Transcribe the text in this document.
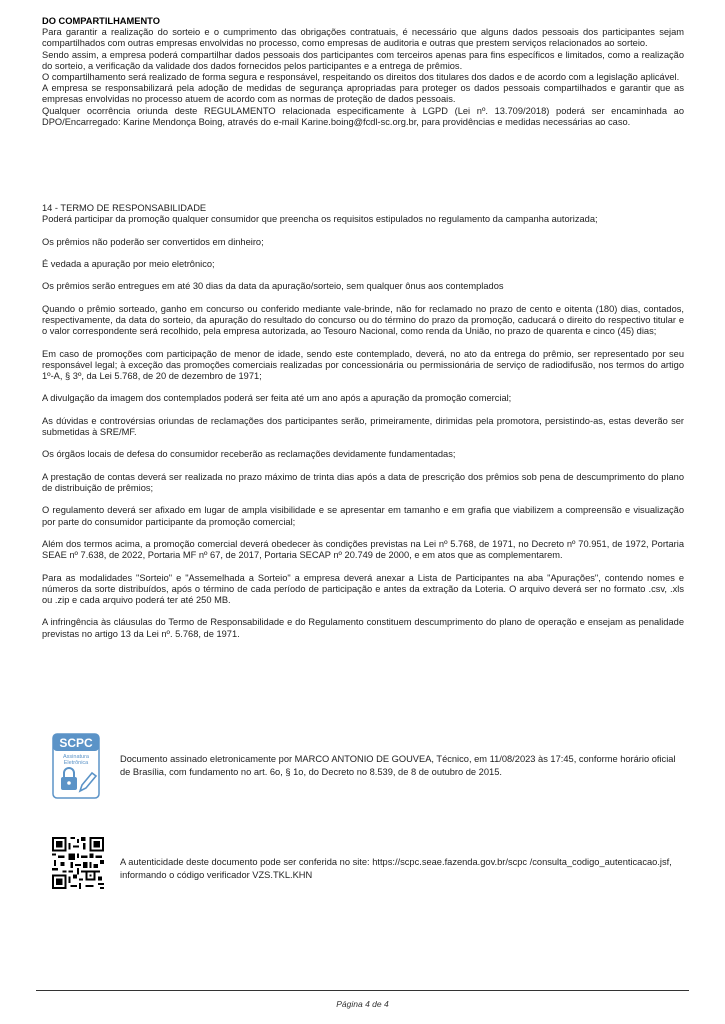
DO COMPARTILHAMENTO

Para garantir a realização do sorteio e o cumprimento das obrigações contratuais, é necessário que alguns dados pessoais dos participantes sejam compartilhados com outras empresas envolvidas no processo, como empresas de auditoria e outras que prestem serviços relacionados ao sorteio.

Sendo assim, a empresa poderá compartilhar dados pessoais dos participantes com terceiros apenas para fins específicos e limitados, como a realização do sorteio, a verificação da validade dos dados fornecidos pelos participantes e a entrega de prêmios.

O compartilhamento será realizado de forma segura e responsável, respeitando os direitos dos titulares dos dados e de acordo com a legislação aplicável.

A empresa se responsabilizará pela adoção de medidas de segurança apropriadas para proteger os dados pessoais compartilhados e garantir que as empresas envolvidas no processo atuem de acordo com as normas de proteção de dados pessoais.

Qualquer ocorrência oriunda deste REGULAMENTO relacionada especificamente à LGPD (Lei nº. 13.709/2018) poderá ser encaminhada ao DPO/Encarregado: Karine Mendonça Boing, através do e-mail Karine.boing@fcdl-sc.org.br, para providências e medidas necessárias ao caso.

14 - TERMO DE RESPONSABILIDADE

Poderá participar da promoção qualquer consumidor que preencha os requisitos estipulados no regulamento da campanha autorizada;

Os prêmios não poderão ser convertidos em dinheiro;

É vedada a apuração por meio eletrônico;

Os prêmios serão entregues em até 30 dias da data da apuração/sorteio, sem qualquer ônus aos contemplados

Quando o prêmio sorteado, ganho em concurso ou conferido mediante vale-brinde, não for reclamado no prazo de cento e oitenta (180) dias, contados, respectivamente, da data do sorteio, da apuração do resultado do concurso ou do término do prazo da promoção, caducará o direito do respectivo titular e o valor correspondente será recolhido, pela empresa autorizada, ao Tesouro Nacional, como renda da União, no prazo de quarenta e cinco (45) dias;

Em caso de promoções com participação de menor de idade, sendo este contemplado, deverá, no ato da entrega do prêmio, ser representado por seu responsável legal; à exceção das promoções comerciais realizadas por concessionária ou permissionária de serviço de radiodifusão, nos termos do artigo 1º-A, § 3º, da Lei 5.768, de 20 de dezembro de 1971;

A divulgação da imagem dos contemplados poderá ser feita até um ano após a apuração da promoção comercial;

As dúvidas e controvérsias oriundas de reclamações dos participantes serão, primeiramente, dirimidas pela promotora, persistindo-as, estas deverão ser submetidas à SRE/MF.

Os órgãos locais de defesa do consumidor receberão as reclamações devidamente fundamentadas;

A prestação de contas deverá ser realizada no prazo máximo de trinta dias após a data de prescrição dos prêmios sob pena de descumprimento do plano de distribuição de prêmios;

O regulamento deverá ser afixado em lugar de ampla visibilidade e se apresentar em tamanho e em grafia que viabilizem a compreensão e visualização por parte do consumidor participante da promoção comercial;

Além dos termos acima, a promoção comercial deverá obedecer às condições previstas na Lei nº 5.768, de 1971, no Decreto nº 70.951, de 1972, Portaria SEAE nº 7.638, de 2022, Portaria MF nº 67, de 2017, Portaria SECAP nº 20.749 de 2000, e em atos que as complementarem.

Para as modalidades "Sorteio" e "Assemelhada a Sorteio" a empresa deverá anexar a Lista de Participantes na aba "Apurações", contendo nomes e números da sorte distribuídos, após o término de cada período de participação e antes da extração da Loteria. O arquivo deverá ser no formato .csv, .xls ou .zip e cada arquivo poderá ter até 250 MB.

A infringência às cláusulas do Termo de Responsabilidade e do Regulamento constituem descumprimento do plano de operação e ensejam as penalidade previstas no artigo 13 da Lei nº. 5.768, de 1971.

SCPC
Assinatura
Eletrônica	Documento assinado eletronicamente por MARCO ANTONIO DE GOUVEA, Técnico, em 11/08/2023 às 17:45, conforme horário oficial de Brasília, com fundamento no art. 6o, § 1o, do Decreto no 8.539, de 8 de outubro de 2015.
A autenticidade deste documento pode ser conferida no site: https://scpc.seae.fazenda.gov.br/scpc /consulta_codigo_autenticacao.jsf, informando o código verificador VZS.TKL.KHN
Página 4 de 4
